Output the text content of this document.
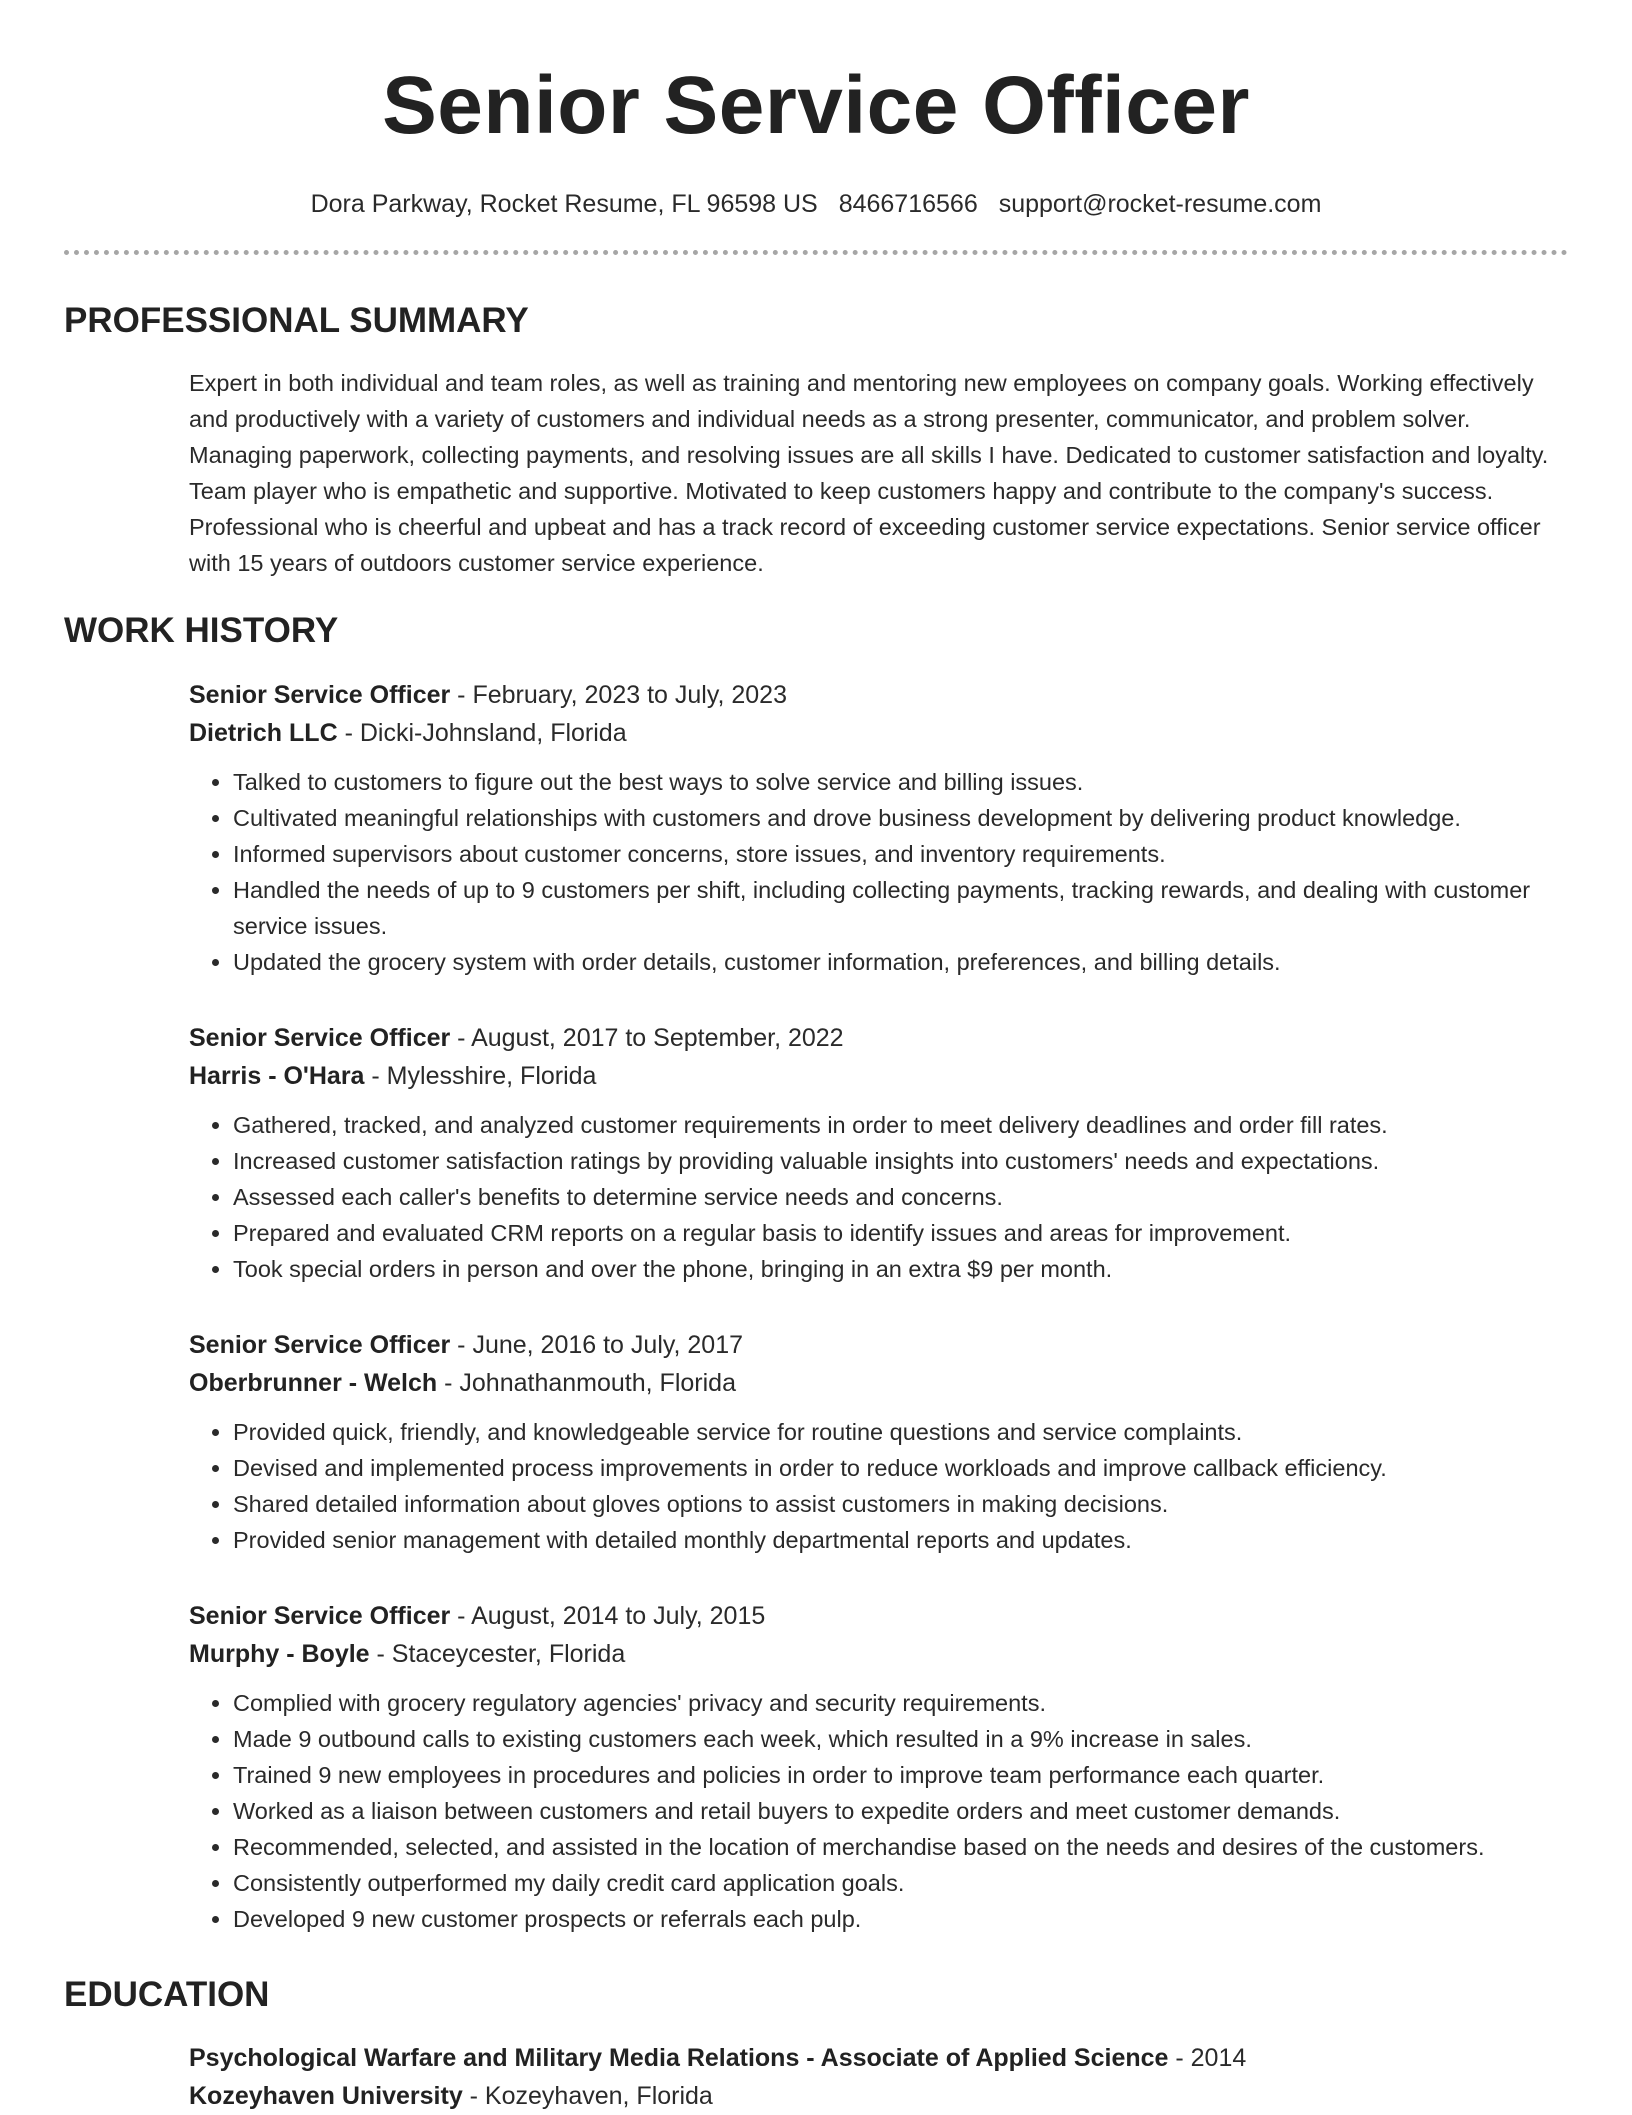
Senior Service Officer
Dora Parkway, Rocket Resume, FL 96598 US 8466716566 support@rocket-resume.com
PROFESSIONAL SUMMARY

Expert in both individual and team roles, as well as training and mentoring new employees on company goals. Working effectively and productively with a variety of customers and individual needs as a strong presenter, communicator, and problem solver. Managing paperwork, collecting payments, and resolving issues are all skills I have. Dedicated to customer satisfaction and loyalty. Team player who is empathetic and supportive. Motivated to keep customers happy and contribute to the company's success. Professional who is cheerful and upbeat and has a track record of exceeding customer service expectations. Senior service officer with 15 years of outdoors customer service experience.

WORK HISTORY

Senior Service Officer - February, 2023 to July, 2023

Dietrich LLC - Dicki-Johnsland, Florida

• Talked to customers to figure out the best ways to solve service and billing issues.
• Cultivated meaningful relationships with customers and drove business development by delivering product knowledge.
• Informed supervisors about customer concerns, store issues, and inventory requirements.
• Handled the needs of up to 9 customers per shift, including collecting payments, tracking rewards, and dealing with customer service issues.
• Updated the grocery system with order details, customer information, preferences, and billing details.

Senior Service Officer - August, 2017 to September, 2022

Harris - O'Hara - Mylesshire, Florida

• Gathered, tracked, and analyzed customer requirements in order to meet delivery deadlines and order fill rates.
• Increased customer satisfaction ratings by providing valuable insights into customers' needs and expectations.
• Assessed each caller's benefits to determine service needs and concerns.
• Prepared and evaluated CRM reports on a regular basis to identify issues and areas for improvement.
• Took special orders in person and over the phone, bringing in an extra $9 per month.

Senior Service Officer - June, 2016 to July, 2017

Oberbrunner - Welch - Johnathanmouth, Florida

• Provided quick, friendly, and knowledgeable service for routine questions and service complaints.
• Devised and implemented process improvements in order to reduce workloads and improve callback efficiency.
• Shared detailed information about gloves options to assist customers in making decisions.
• Provided senior management with detailed monthly departmental reports and updates.

Senior Service Officer - August, 2014 to July, 2015

Murphy - Boyle - Staceycester, Florida

• Complied with grocery regulatory agencies' privacy and security requirements.
• Made 9 outbound calls to existing customers each week, which resulted in a 9% increase in sales.
• Trained 9 new employees in procedures and policies in order to improve team performance each quarter.
• Worked as a liaison between customers and retail buyers to expedite orders and meet customer demands.
• Recommended, selected, and assisted in the location of merchandise based on the needs and desires of the customers.
• Consistently outperformed my daily credit card application goals.
• Developed 9 new customer prospects or referrals each pulp.
EDUCATION

Psychological Warfare and Military Media Relations - Associate of Applied Science - 2014

Kozeyhaven University - Kozeyhaven, Florida
